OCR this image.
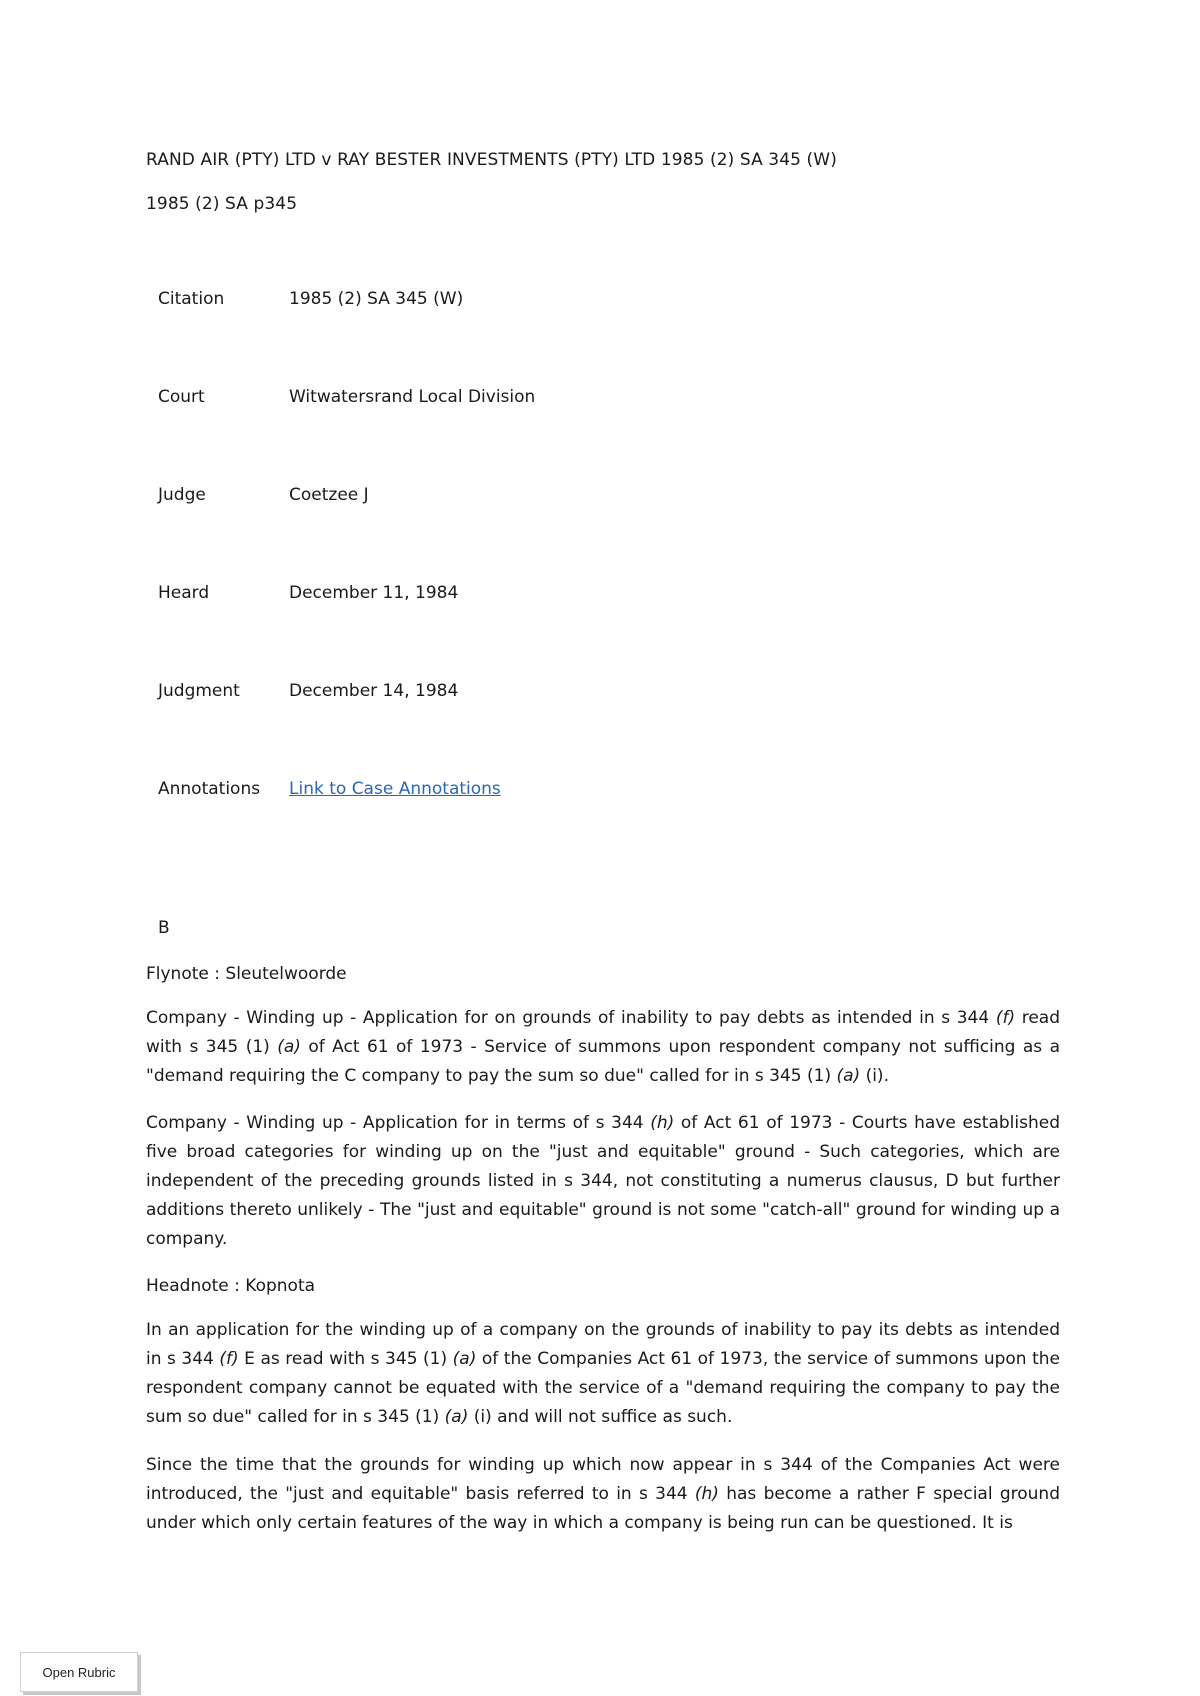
RAND AIR (PTY) LTD v RAY BESTER INVESTMENTS (PTY) LTD 1985 (2) SA 345 (W)
1985 (2) SA p345
Citation	1985 (2) SA 345 (W)
Court	Witwatersrand Local Division
Judge	Coetzee J
Heard	December 11, 1984
Judgment	December 14, 1984
Annotations Link to Case Annotations
B

Flynote : Sleutelwoorde

Company - Winding up - Application for on grounds of inability to pay debts as intended in s 344 (f) read with s 345 (1) (a) of Act 61 of 1973 - Service of summons upon respondent company not sufficing as a "demand requiring the C company to pay the sum so due" called for in s 345 (1) (a) (i).

Company - Winding up - Application for in terms of s 344 (h) of Act 61 of 1973 - Courts have established five broad categories for winding up on the "just and equitable" ground - Such categories, which are independent of the preceding grounds listed in s 344, not constituting a numerus clausus, D but further additions thereto unlikely - The "just and equitable" ground is not some "catch-all" ground for winding up a company.

Headnote : Kopnota

In an application for the winding up of a company on the grounds of inability to pay its debts as intended in s 344 (f) E as read with s 345 (1) (a) of the Companies Act 61 of 1973, the service of summons upon the respondent company cannot be equated with the service of a "demand requiring the company to pay the sum so due" called for in s 345 (1) (a) (i) and will not suffice as such.

Since the time that the grounds for winding up which now appear in s 344 of the Companies Act were introduced, the "just and equitable" basis referred to in s 344 (h) has become a rather F special ground under which only certain features of the way in which a company is being run can be questioned. It is

Open Rubric
